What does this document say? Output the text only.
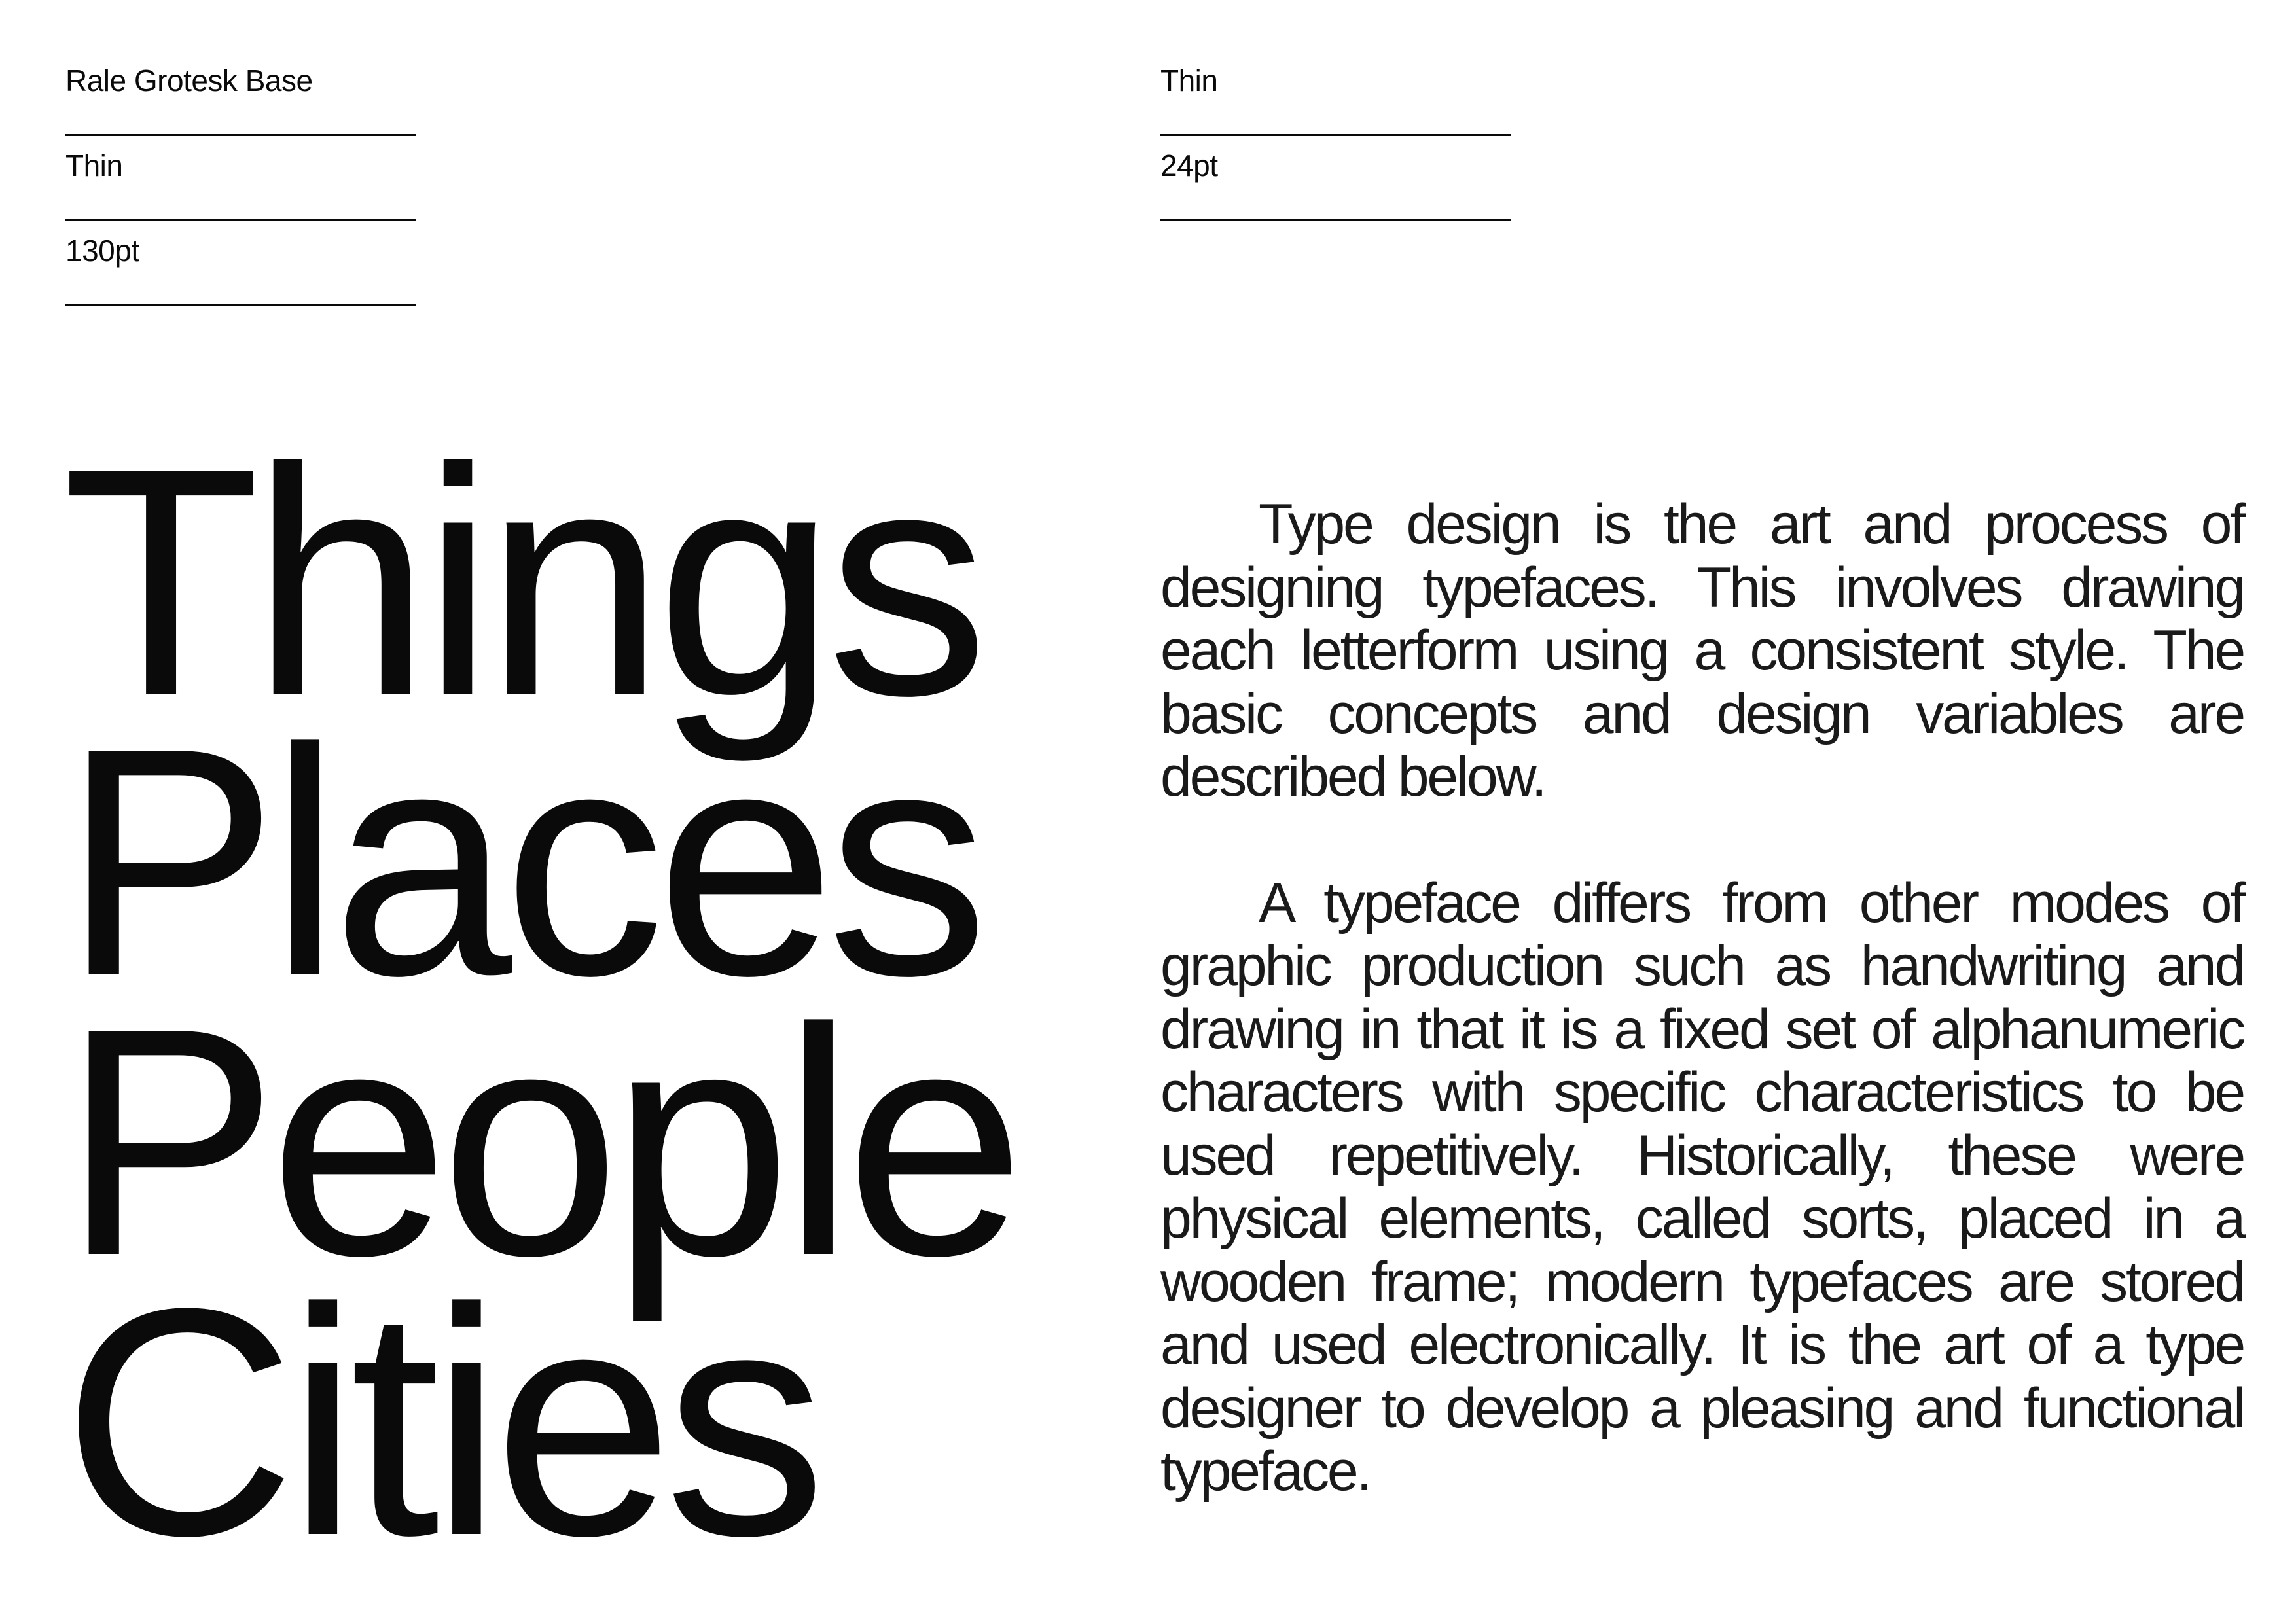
Rale Grotesk Base
Thin
130pt
Thin
24pt
Things
Places
People
Cities

Type design is the art and process of designing typefaces. This involves drawing each letterform using a consistent style. The basic concepts and design variables are described below.

A typeface differs from other modes of graphic production such as handwriting and drawing in that it is a fixed set of alphanumeric characters with specific characteristics to be used repetitively. Historically, these were physical elements, called sorts, placed in a wooden frame; modern typefaces are stored and used electronically. It is the art of a type designer to develop a pleasing and functional typeface.
